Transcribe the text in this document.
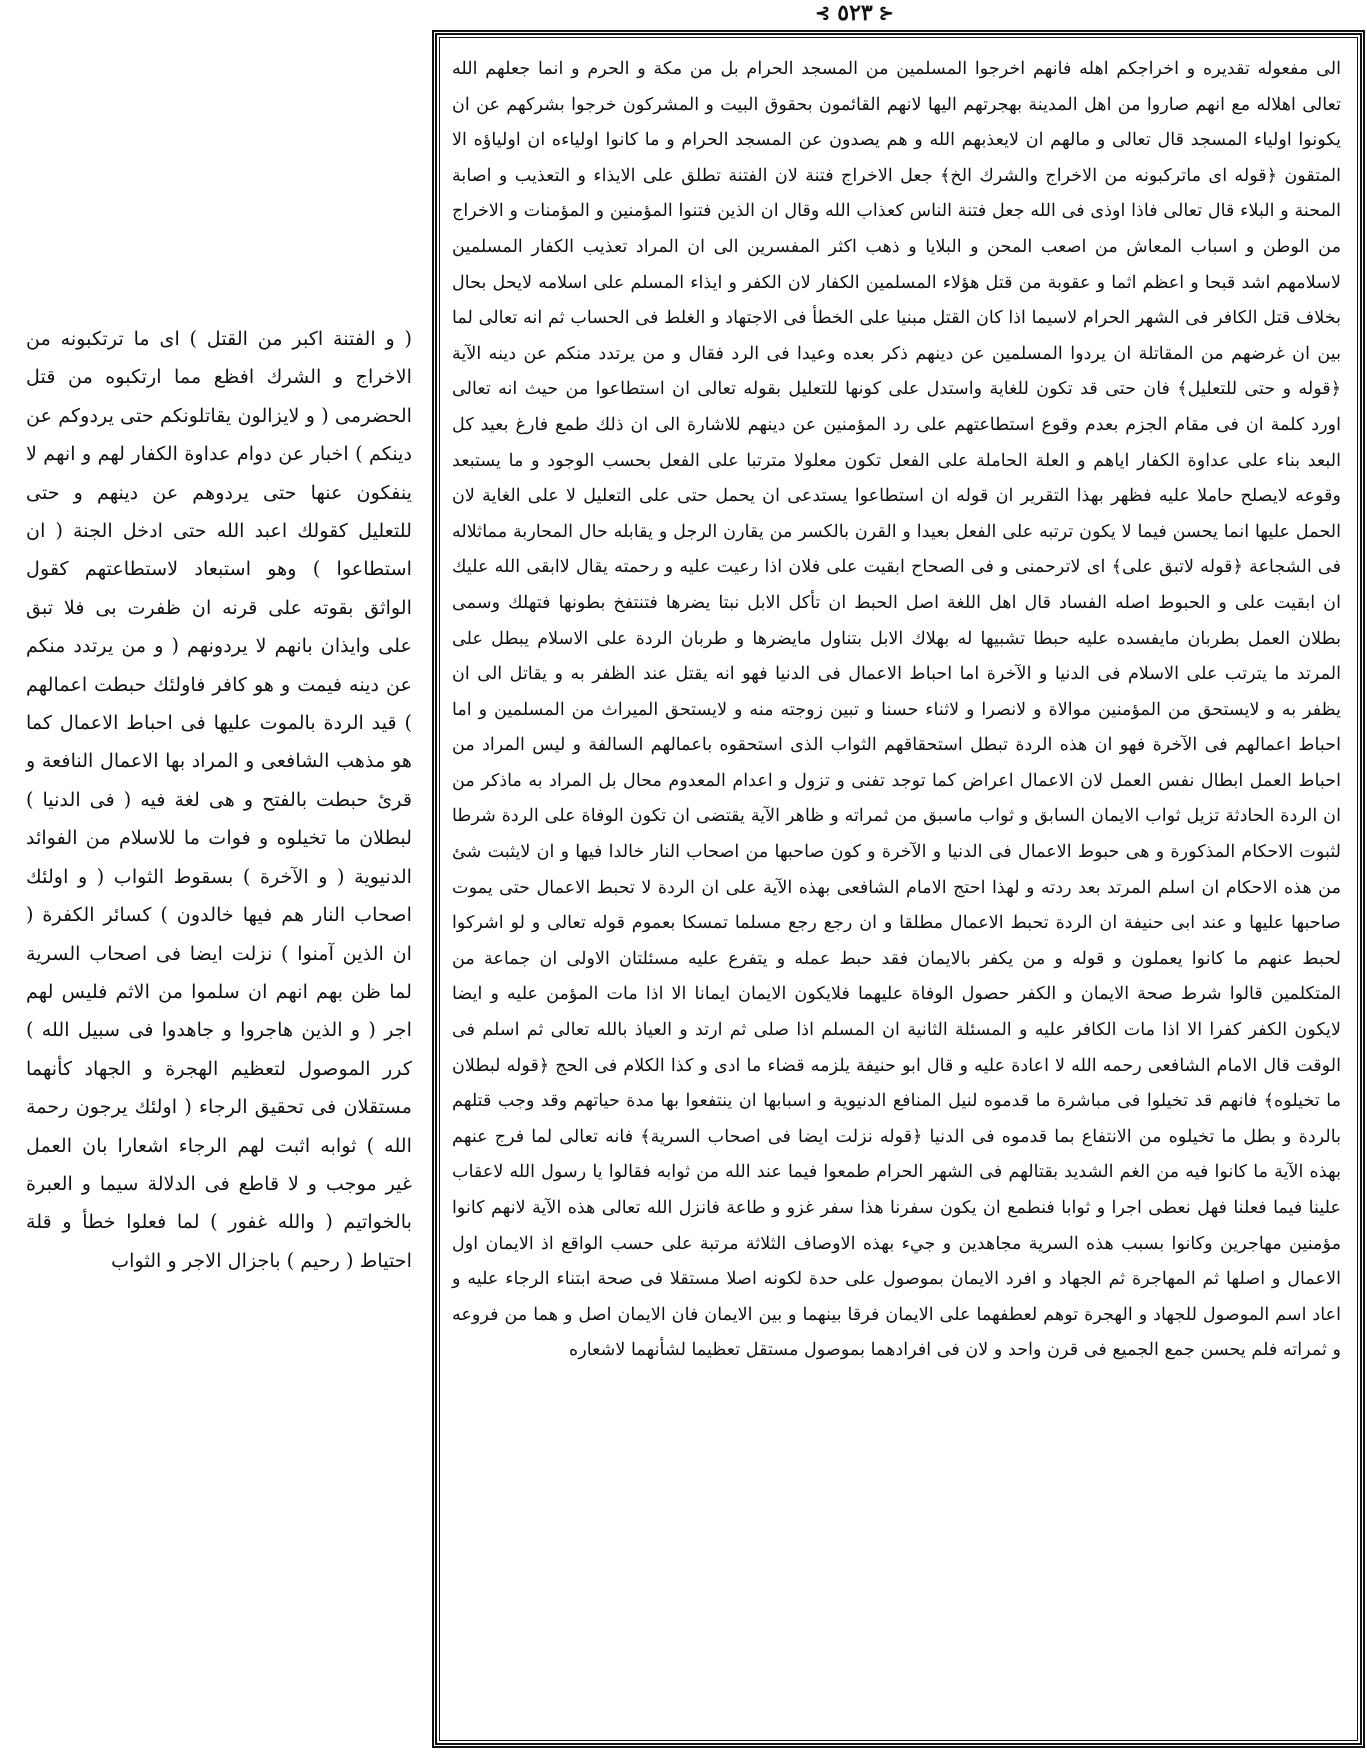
⊰ ٥٢٣ ⊱

الى مفعوله تقديره و اخراجكم اهله فانهم اخرجوا المسلمين من المسجد الحرام بل من مكة و الحرم و انما جعلهم الله تعالى اهلاله مع انهم صاروا من اهل المدينة بهجرتهم اليها لانهم القائمون بحقوق البيت و المشركون خرجوا بشركهم عن ان يكونوا اولياء المسجد قال تعالى و مالهم ان لايعذبهم الله و هم يصدون عن المسجد الحرام و ما كانوا اولياءه ان اولياؤه الا المتقون ﴿قوله اى ماتركبونه من الاخراج والشرك الخ﴾ جعل الاخراج فتنة لان الفتنة تطلق على الايذاء و التعذيب و اصابة المحنة و البلاء قال تعالى فاذا اوذى فى الله جعل فتنة الناس كعذاب الله وقال ان الذين فتنوا المؤمنين و المؤمنات و الاخراج من الوطن و اسباب المعاش من اصعب المحن و البلايا و ذهب اكثر المفسرين الى ان المراد تعذيب الكفار المسلمين لاسلامهم اشد قبحا و اعظم اثما و عقوبة من قتل هؤلاء المسلمين الكفار لان الكفر و ايذاء المسلم على اسلامه لايحل بحال بخلاف قتل الكافر فى الشهر الحرام لاسيما اذا كان القتل مبنيا على الخطأ فى الاجتهاد و الغلط فى الحساب ثم انه تعالى لما بين ان غرضهم من المقاتلة ان يردوا المسلمين عن دينهم ذكر بعده وعيدا فى الرد فقال و من يرتدد منكم عن دينه الآية ﴿قوله و حتى للتعليل﴾ فان حتى قد تكون للغاية واستدل على كونها للتعليل بقوله تعالى ان استطاعوا من حيث انه تعالى اورد كلمة ان فى مقام الجزم بعدم وقوع استطاعتهم على رد المؤمنين عن دينهم للاشارة الى ان ذلك طمع فارغ بعيد كل البعد بناء على عداوة الكفار اياهم و العلة الحاملة على الفعل تكون معلولا مترتبا على الفعل بحسب الوجود و ما يستبعد وقوعه لايصلح حاملا عليه فظهر بهذا التقرير ان قوله ان استطاعوا يستدعى ان يحمل حتى على التعليل لا على الغاية لان الحمل عليها انما يحسن فيما لا يكون ترتبه على الفعل بعيدا و القرن بالكسر من يقارن الرجل و يقابله حال المحاربة مماثلاله فى الشجاعة ﴿قوله لاتبق على﴾ اى لاترحمنى و فى الصحاح ابقيت على فلان اذا رعيت عليه و رحمته يقال لاابقى الله عليك ان ابقيت على و الحبوط اصله الفساد قال اهل اللغة اصل الحبط ان تأكل الابل نبتا يضرها فتنتفخ بطونها فتهلك وسمى بطلان العمل بطربان مايفسده عليه حبطا تشبيها له بهلاك الابل بتناول مايضرها و طربان الردة على الاسلام يبطل على المرتد ما يترتب على الاسلام فى الدنيا و الآخرة اما احباط الاعمال فى الدنيا فهو انه يقتل عند الظفر به و يقاتل الى ان يظفر به و لايستحق من المؤمنين موالاة و لانصرا و لاثناء حسنا و تبين زوجته منه و لايستحق الميراث من المسلمين و اما احباط اعمالهم فى الآخرة فهو ان هذه الردة تبطل استحقاقهم الثواب الذى استحقوه باعمالهم السالفة و ليس المراد من احباط العمل ابطال نفس العمل لان الاعمال اعراض كما توجد تفنى و تزول و اعدام المعدوم محال بل المراد به ماذكر من ان الردة الحادثة تزيل ثواب الايمان السابق و ثواب ماسبق من ثمراته و ظاهر الآية يقتضى ان تكون الوفاة على الردة شرطا لثبوت الاحكام المذكورة و هى حبوط الاعمال فى الدنيا و الآخرة و كون صاحبها من اصحاب النار خالدا فيها و ان لايثبت شئ من هذه الاحكام ان اسلم المرتد بعد ردته و لهذا احتج الامام الشافعى بهذه الآية على ان الردة لا تحبط الاعمال حتى يموت صاحبها عليها و عند ابى حنيفة ان الردة تحبط الاعمال مطلقا و ان رجع رجع مسلما تمسكا بعموم قوله تعالى و لو اشركوا لحبط عنهم ما كانوا يعملون و قوله و من يكفر بالايمان فقد حبط عمله و يتفرع عليه مسئلتان الاولى ان جماعة من المتكلمين قالوا شرط صحة الايمان و الكفر حصول الوفاة عليهما فلايكون الايمان ايمانا الا اذا مات المؤمن عليه و ايضا لايكون الكفر كفرا الا اذا مات الكافر عليه و المسئلة الثانية ان المسلم اذا صلى ثم ارتد و العياذ بالله تعالى ثم اسلم فى الوقت قال الامام الشافعى رحمه الله لا اعادة عليه و قال ابو حنيفة يلزمه قضاء ما ادى و كذا الكلام فى الحج ﴿قوله لبطلان ما تخيلوه﴾ فانهم قد تخيلوا فى مباشرة ما قدموه لنيل المنافع الدنيوية و اسبابها ان ينتفعوا بها مدة حياتهم وقد وجب قتلهم بالردة و بطل ما تخيلوه من الانتفاع بما قدموه فى الدنيا ﴿قوله نزلت ايضا فى اصحاب السرية﴾ فانه تعالى لما فرج عنهم بهذه الآية ما كانوا فيه من الغم الشديد بقتالهم فى الشهر الحرام طمعوا فيما عند الله من ثوابه فقالوا يا رسول الله لاعقاب علينا فيما فعلنا فهل نعطى اجرا و ثوابا فنطمع ان يكون سفرنا هذا سفر غزو و طاعة فانزل الله تعالى هذه الآية لانهم كانوا مؤمنين مهاجرين وكانوا بسبب هذه السرية مجاهدين و جيء بهذه الاوصاف الثلاثة مرتبة على حسب الواقع اذ الايمان اول الاعمال و اصلها ثم المهاجرة ثم الجهاد و افرد الايمان بموصول على حدة لكونه اصلا مستقلا فى صحة ابتناء الرجاء عليه و اعاد اسم الموصول للجهاد و الهجرة توهم لعطفهما على الايمان فرقا بينهما و بين الايمان فان الايمان اصل و هما من فروعه و ثمراته فلم يحسن جمع الجميع فى قرن واحد و لان فى افرادهما بموصول مستقل تعظيما لشأنهما لاشعاره

( و الفتنة اكبر من القتل ) اى ما ترتكبونه من الاخراج و الشرك افظع مما ارتكبوه من قتل الحضرمى ( و لايزالون يقاتلونكم حتى يردوكم عن دينكم ) اخبار عن دوام عداوة الكفار لهم و انهم لا ينفكون عنها حتى يردوهم عن دينهم و حتى للتعليل كقولك اعبد الله حتى ادخل الجنة ( ان استطاعوا ) وهو استبعاد لاستطاعتهم كقول الواثق بقوته على قرنه ان ظفرت بى فلا تبق على وايذان بانهم لا يردونهم ( و من يرتدد منكم عن دينه فيمت و هو كافر فاولئك حبطت اعمالهم ) قيد الردة بالموت عليها فى احباط الاعمال كما هو مذهب الشافعى و المراد بها الاعمال النافعة و قرئ حبطت بالفتح و هى لغة فيه ( فى الدنيا ) لبطلان ما تخيلوه و فوات ما للاسلام من الفوائد الدنيوية ( و الآخرة ) بسقوط الثواب ( و اولئك اصحاب النار هم فيها خالدون ) كسائر الكفرة ( ان الذين آمنوا ) نزلت ايضا فى اصحاب السرية لما ظن بهم انهم ان سلموا من الاثم فليس لهم اجر ( و الذين هاجروا و جاهدوا فى سبيل الله ) كرر الموصول لتعظيم الهجرة و الجهاد كأنهما مستقلان فى تحقيق الرجاء ( اولئك يرجون رحمة الله ) ثوابه اثبت لهم الرجاء اشعارا بان العمل غير موجب و لا قاطع فى الدلالة سيما و العبرة بالخواتيم ( والله غفور ) لما فعلوا خطأ و قلة احتياط ( رحيم ) باجزال الاجر و الثواب
